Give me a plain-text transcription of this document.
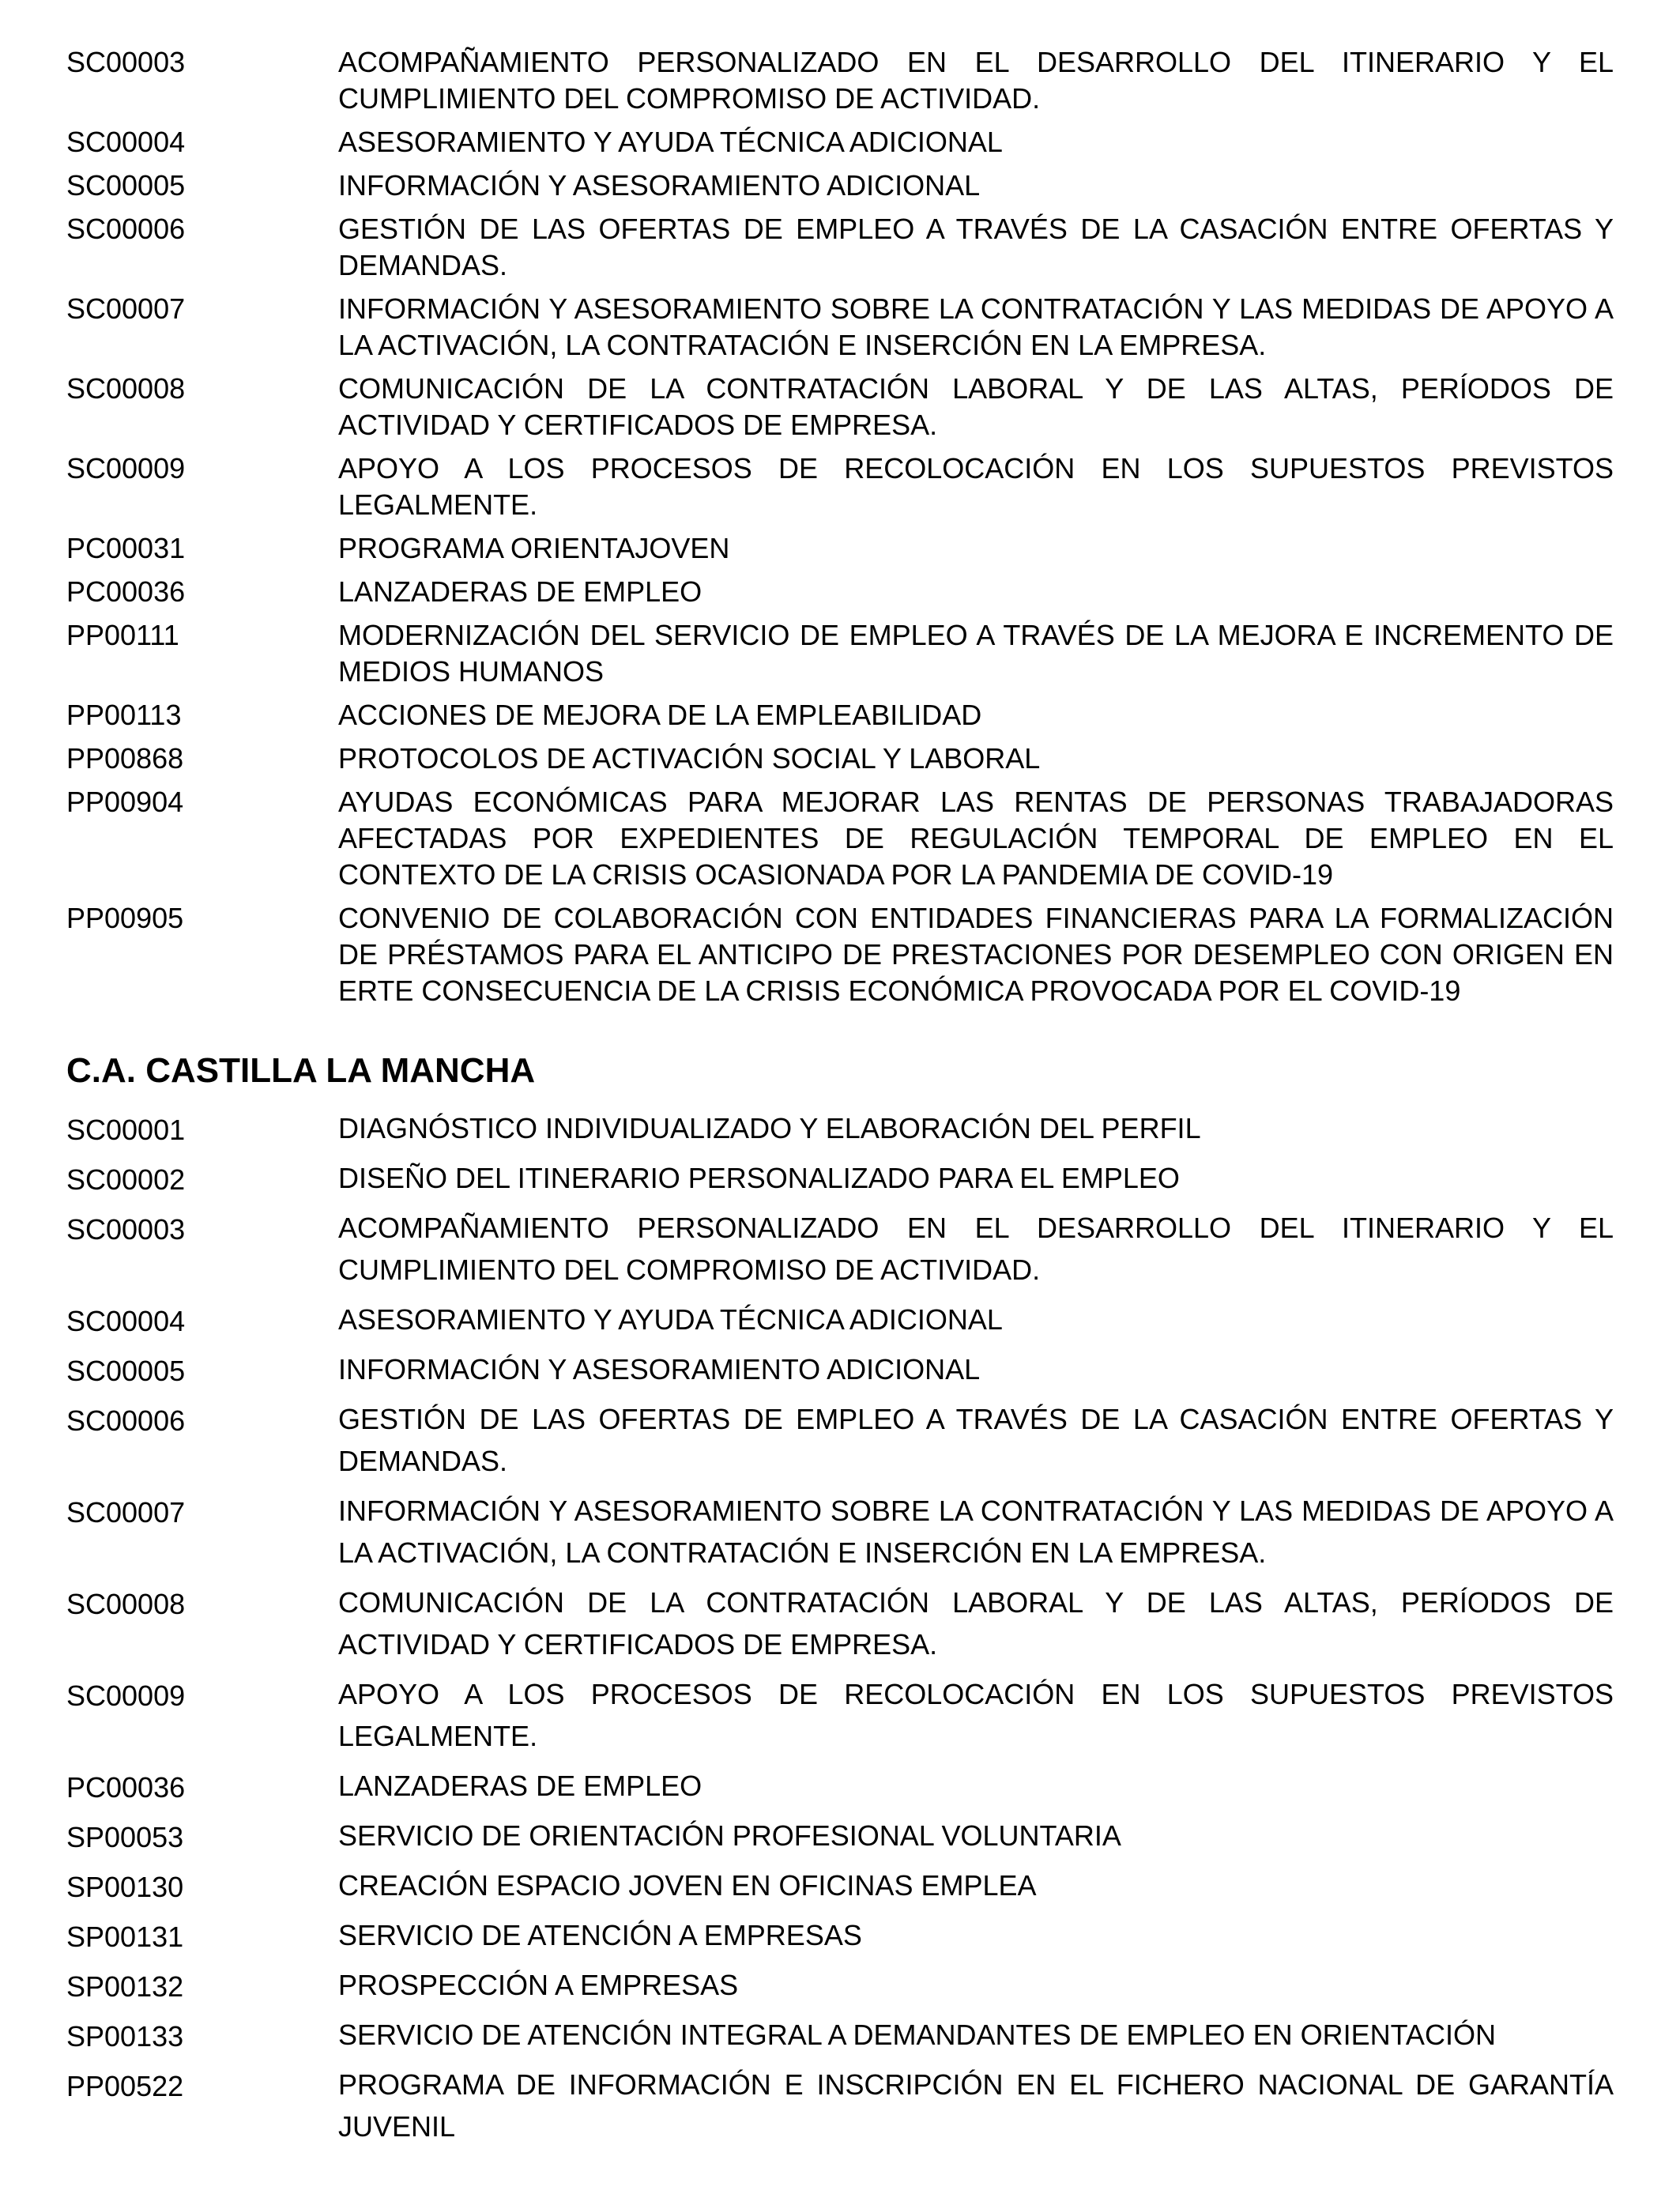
SC00003	ACOMPAÑAMIENTO PERSONALIZADO EN EL DESARROLLO DEL ITINERARIO Y EL CUMPLIMIENTO DEL COMPROMISO DE ACTIVIDAD.
SC00004	ASESORAMIENTO Y AYUDA TÉCNICA ADICIONAL
SC00005	INFORMACIÓN Y ASESORAMIENTO ADICIONAL
SC00006	GESTIÓN DE LAS OFERTAS DE EMPLEO A TRAVÉS DE LA CASACIÓN ENTRE OFERTAS Y DEMANDAS.
SC00007	INFORMACIÓN Y ASESORAMIENTO SOBRE LA CONTRATACIÓN Y LAS MEDIDAS DE APOYO A LA ACTIVACIÓN, LA CONTRATACIÓN E INSERCIÓN EN LA EMPRESA.
SC00008	COMUNICACIÓN DE LA CONTRATACIÓN LABORAL Y DE LAS ALTAS, PERÍODOS DE ACTIVIDAD Y CERTIFICADOS DE EMPRESA.
SC00009	APOYO A LOS PROCESOS DE RECOLOCACIÓN EN LOS SUPUESTOS PREVISTOS LEGALMENTE.
PC00031	PROGRAMA ORIENTAJOVEN
PC00036	LANZADERAS DE EMPLEO
PP00111	MODERNIZACIÓN DEL SERVICIO DE EMPLEO A TRAVÉS DE LA MEJORA E INCREMENTO DE MEDIOS HUMANOS
PP00113	ACCIONES DE MEJORA DE LA EMPLEABILIDAD
PP00868	PROTOCOLOS DE ACTIVACIÓN SOCIAL Y LABORAL
PP00904	AYUDAS ECONÓMICAS PARA MEJORAR LAS RENTAS DE PERSONAS TRABAJADORAS AFECTADAS POR EXPEDIENTES DE REGULACIÓN TEMPORAL DE EMPLEO EN EL CONTEXTO DE LA CRISIS OCASIONADA POR LA PANDEMIA DE COVID-19
PP00905	CONVENIO DE COLABORACIÓN CON ENTIDADES FINANCIERAS PARA LA FORMALIZACIÓN DE PRÉSTAMOS PARA EL ANTICIPO DE PRESTACIONES POR DESEMPLEO CON ORIGEN EN ERTE CONSECUENCIA DE LA CRISIS ECONÓMICA PROVOCADA POR EL COVID-19
C.A. CASTILLA LA MANCHA
SC00001	DIAGNÓSTICO INDIVIDUALIZADO Y ELABORACIÓN DEL PERFIL
SC00002	DISEÑO DEL ITINERARIO PERSONALIZADO PARA EL EMPLEO
SC00003	ACOMPAÑAMIENTO PERSONALIZADO EN EL DESARROLLO DEL ITINERARIO Y EL CUMPLIMIENTO DEL COMPROMISO DE ACTIVIDAD.
SC00004	ASESORAMIENTO Y AYUDA TÉCNICA ADICIONAL
SC00005	INFORMACIÓN Y ASESORAMIENTO ADICIONAL
SC00006	GESTIÓN DE LAS OFERTAS DE EMPLEO A TRAVÉS DE LA CASACIÓN ENTRE OFERTAS Y DEMANDAS.
SC00007	INFORMACIÓN Y ASESORAMIENTO SOBRE LA CONTRATACIÓN Y LAS MEDIDAS DE APOYO A LA ACTIVACIÓN, LA CONTRATACIÓN E INSERCIÓN EN LA EMPRESA.
SC00008	COMUNICACIÓN DE LA CONTRATACIÓN LABORAL Y DE LAS ALTAS, PERÍODOS DE ACTIVIDAD Y CERTIFICADOS DE EMPRESA.
SC00009	APOYO A LOS PROCESOS DE RECOLOCACIÓN EN LOS SUPUESTOS PREVISTOS LEGALMENTE.
PC00036	LANZADERAS DE EMPLEO
SP00053	SERVICIO DE ORIENTACIÓN PROFESIONAL VOLUNTARIA
SP00130	CREACIÓN ESPACIO JOVEN EN OFICINAS EMPLEA
SP00131	SERVICIO DE ATENCIÓN A EMPRESAS
SP00132	PROSPECCIÓN A EMPRESAS
SP00133	SERVICIO DE ATENCIÓN INTEGRAL A DEMANDANTES DE EMPLEO EN ORIENTACIÓN
PP00522	PROGRAMA DE INFORMACIÓN E INSCRIPCIÓN EN EL FICHERO NACIONAL DE GARANTÍA JUVENIL
